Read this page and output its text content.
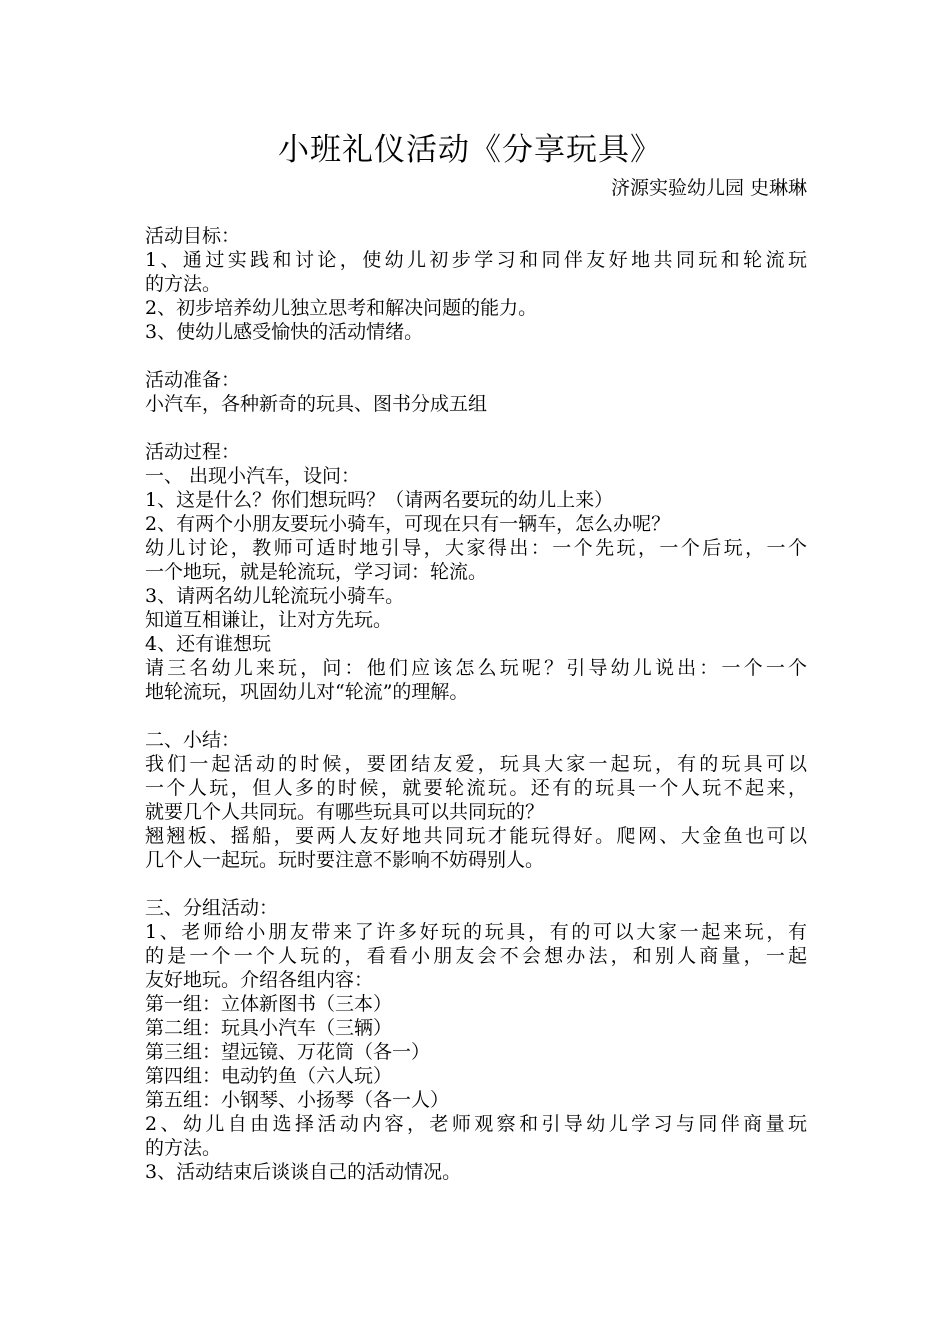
小班礼仪活动《分享玩具》
济源实验幼儿园 史琳琳
活动目标：
1、通过实践和讨论，使幼儿初步学习和同伴友好地共同玩和轮流玩
的方法。
2、初步培养幼儿独立思考和解决问题的能力。
3、使幼儿感受愉快的活动情绪。
活动准备：
小汽车，各种新奇的玩具、图书分成五组
活动过程：
一、 出现小汽车，设问：
1、这是什么？你们想玩吗？（请两名要玩的幼儿上来）
2、有两个小朋友要玩小骑车，可现在只有一辆车，怎么办呢？
幼儿讨论，教师可适时地引导，大家得出：一个先玩，一个后玩，一个
一个地玩，就是轮流玩，学习词：轮流。
3、请两名幼儿轮流玩小骑车。
知道互相谦让，让对方先玩。
4、还有谁想玩
请三名幼儿来玩，问：他们应该怎么玩呢？引导幼儿说出：一个一个
地轮流玩，巩固幼儿对“轮流”的理解。
二、小结：
我们一起活动的时候，要团结友爱，玩具大家一起玩，有的玩具可以
一个人玩，但人多的时候，就要轮流玩。还有的玩具一个人玩不起来，
就要几个人共同玩。有哪些玩具可以共同玩的？
翘翘板、摇船，要两人友好地共同玩才能玩得好。爬网、大金鱼也可以
几个人一起玩。玩时要注意不影响不妨碍别人。
三、分组活动：
1、老师给小朋友带来了许多好玩的玩具，有的可以大家一起来玩，有
的是一个一个人玩的，看看小朋友会不会想办法，和别人商量，一起
友好地玩。介绍各组内容：
第一组：立体新图书（三本）
第二组：玩具小汽车（三辆）
第三组：望远镜、万花筒（各一）
第四组：电动钓鱼（六人玩）
第五组：小钢琴、小扬琴（各一人）
2、幼儿自由选择活动内容，老师观察和引导幼儿学习与同伴商量玩
的方法。
3、活动结束后谈谈自己的活动情况。
